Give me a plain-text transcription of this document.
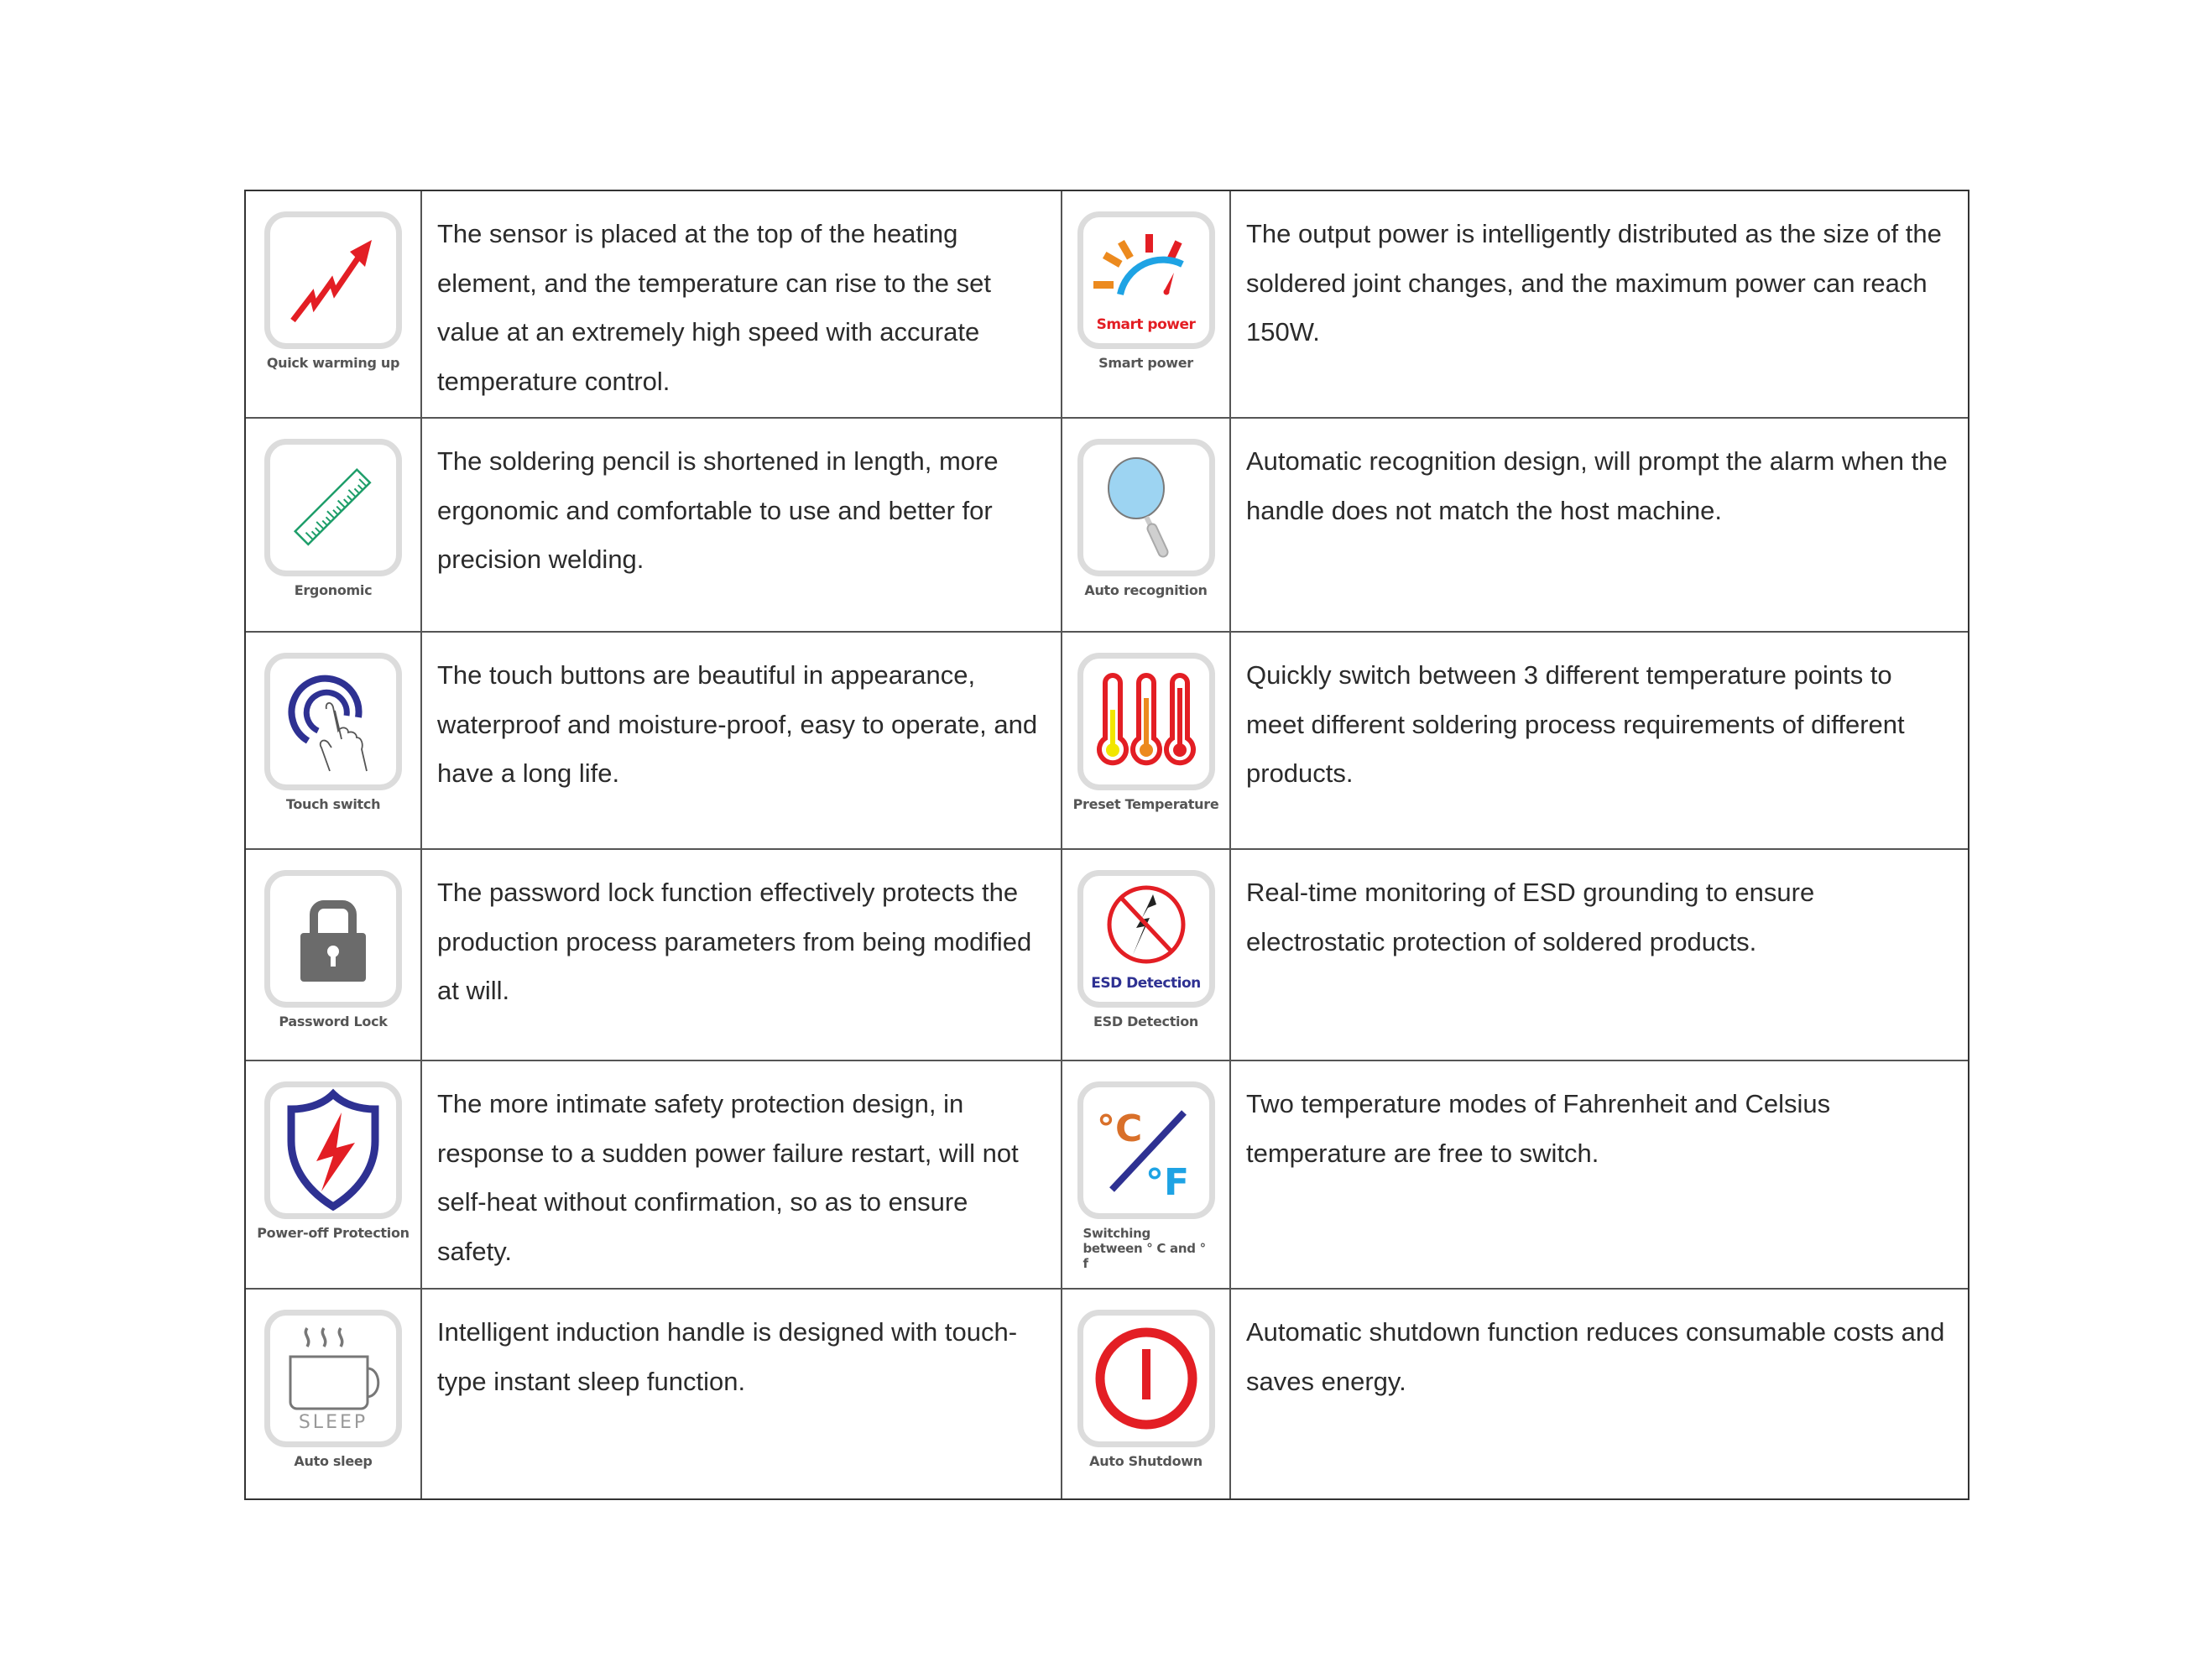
Quick warming up

The sensor is placed at the top of the heating element, and the temperature can rise to the set value at an extremely high speed with accurate temperature control.

Smart power
Smart power

The output power is intelligently distributed as the size of the soldered joint changes, and the maximum power can reach 150W.

Ergonomic

The soldering pencil is shortened in length, more ergonomic and comfortable to use and better for precision welding.

Auto recognition

Automatic recognition design, will prompt the alarm when the handle does not match the host machine.

Touch switch

The touch buttons are beautiful in appearance, waterproof and moisture-proof, easy to operate, and have a long life.

Preset Temperature

Quickly switch between 3 different temperature points to meet different soldering process requirements of different products.

Password Lock

The password lock function effectively protects the production process parameters from being modified at will.	ESD Detection
ESD Detection

Real-time monitoring of ESD grounding to ensure electrostatic protection of soldered products.

Power-off Protection

The more intimate safety protection design, in response to a sudden power failure restart, will not self-heat without confirmation, so as to ensure safety.

°C
°F
Switching between ° C and ° f

Two temperature modes of Fahrenheit and Celsius temperature are free to switch.

SLEEP
Auto sleep

Intelligent induction handle is designed with touch-type instant sleep function.

Auto Shutdown

Automatic shutdown function reduces consumable costs and saves energy.
